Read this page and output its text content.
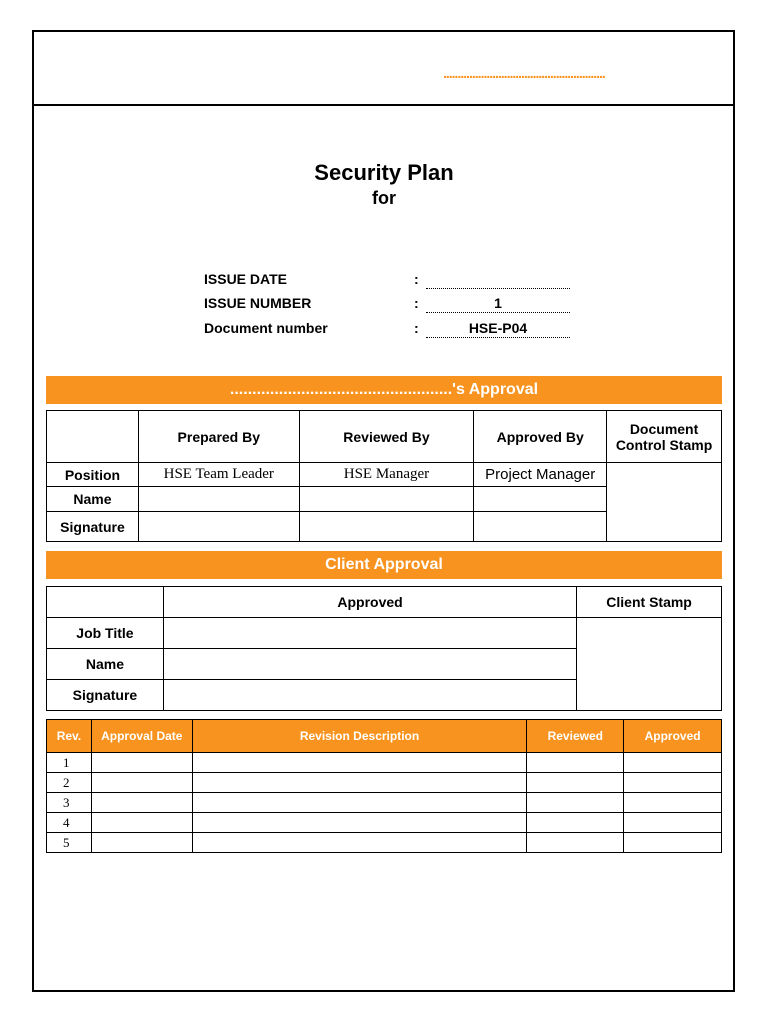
........................................................
Security Plan
for
ISSUE DATE	:
ISSUE NUMBER	:	1
Document number	:	HSE-P04
..................................................'s Approval
	Prepared By	Reviewed By	Approved By	Document Control Stamp
Position	HSE Team Leader	HSE Manager	Project Manager	
Name				
Signature				
Client Approval
	Approved	Client Stamp
Job Title		
Name		
Signature		
Rev.	Approval Date	Revision Description	Reviewed	Approved
1				
2				
3				
4				
5				
